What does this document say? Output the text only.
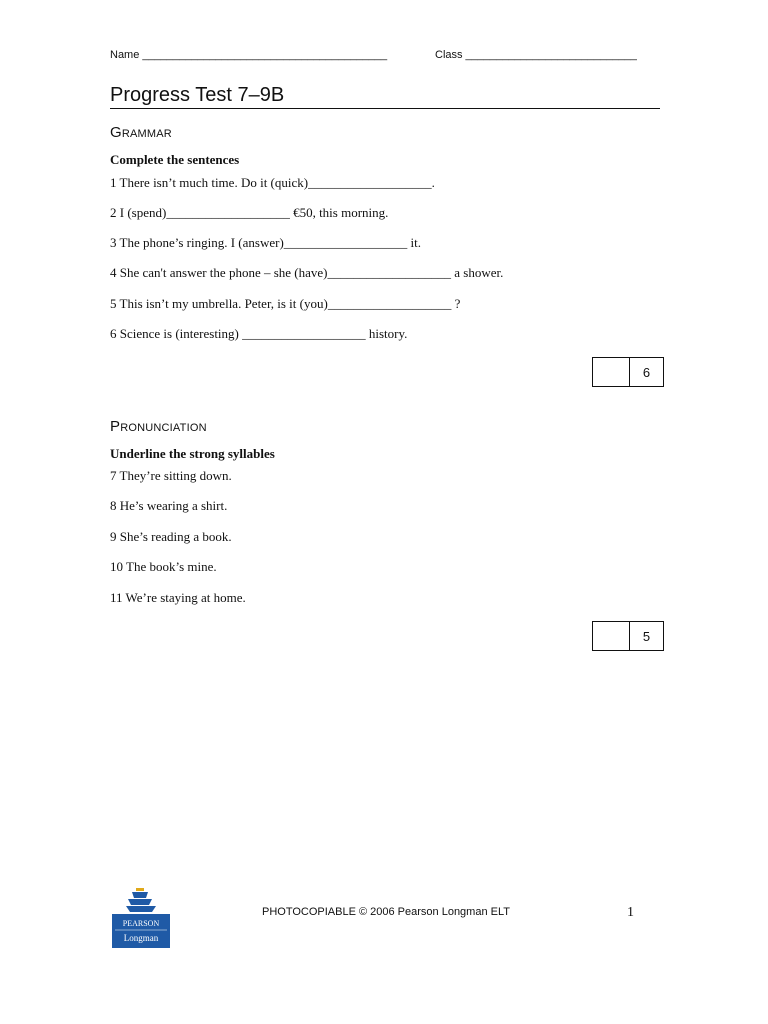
Name ________________________________________	Class ____________________________
Progress Test 7–9B
Grammar
Complete the sentences
1 There isn’t much time. Do it (quick)___________________.
2 I (spend)___________________ €50, this morning.
3 The phone’s ringing. I (answer)___________________ it.
4 She can't answer the phone – she (have)___________________ a shower.
5 This isn’t my umbrella. Peter, is it (you)___________________ ?
6 Science is (interesting) ___________________ history.
6
Pronunciation
Underline the strong syllables
7 They’re sitting down.
8 He’s wearing a shirt.
9 She’s reading a book.
10 The book’s mine.
11 We’re staying at home.
5
PEARSON
Longman
PHOTOCOPIABLE © 2006 Pearson Longman ELT	1
